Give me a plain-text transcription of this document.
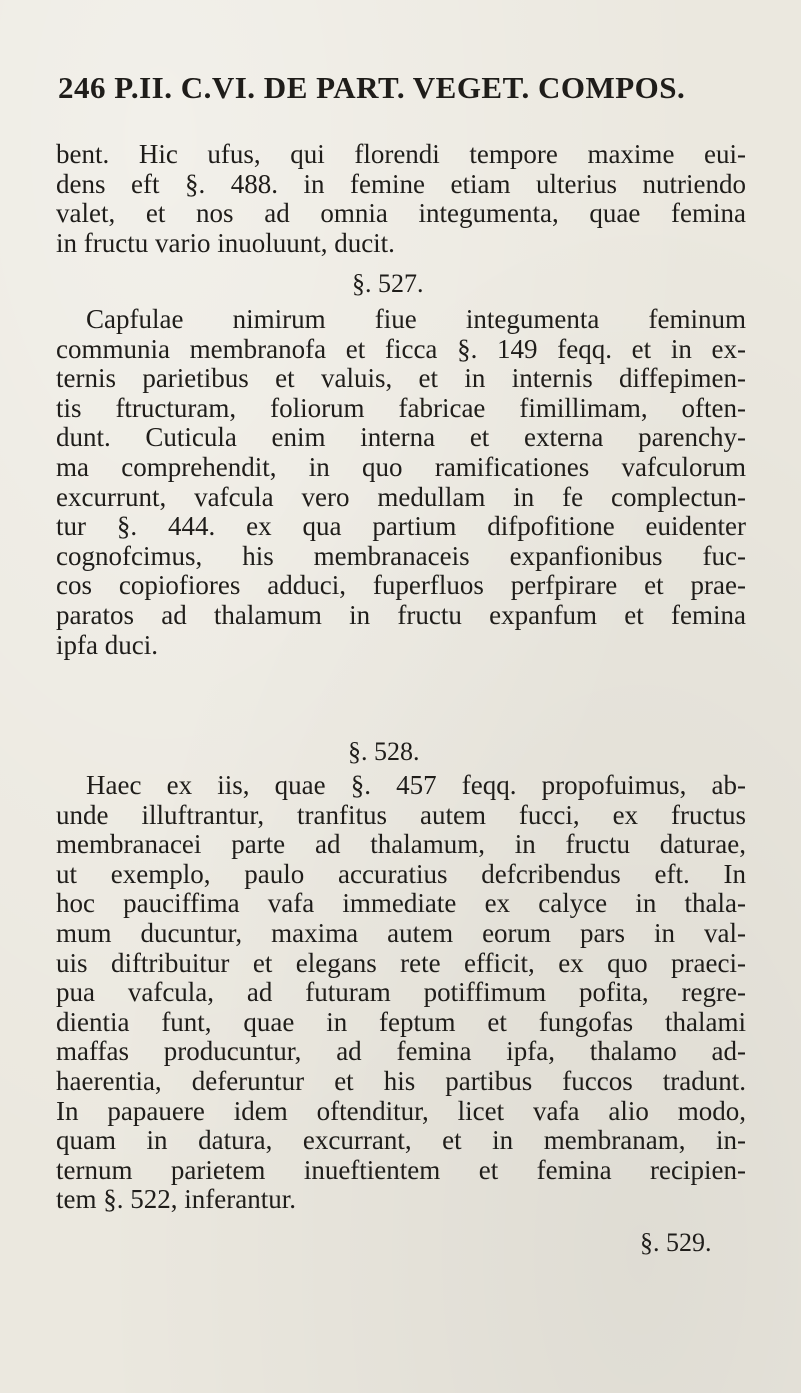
246 P.II. C.VI. DE PART. VEGET. COMPOS.
bent. Hic ufus, qui florendi tempore maxime eui-
dens eft §. 488. in femine etiam ulterius nutriendo
valet, et nos ad omnia integumenta, quae femina
in fructu vario inuoluunt, ducit.
§. 527.
Capfulae nimirum fiue integumenta feminum
communia membranofa et ficca §. 149 feqq. et in ex-
ternis parietibus et valuis, et in internis diffepimen-
tis ftructuram, foliorum fabricae fimillimam, often-
dunt. Cuticula enim interna et externa parenchy-
ma comprehendit, in quo ramificationes vafculorum
excurrunt, vafcula vero medullam in fe complectun-
tur §. 444. ex qua partium difpofitione euidenter
cognofcimus, his membranaceis expanfionibus fuc-
cos copiofiores adduci, fuperfluos perfpirare et prae-
paratos ad thalamum in fructu expanfum et femina
ipfa duci.
§. 528.
Haec ex iis, quae §. 457 feqq. propofuimus, ab-
unde illuftrantur, tranfitus autem fucci, ex fructus
membranacei parte ad thalamum, in fructu daturae,
ut exemplo, paulo accuratius defcribendus eft. In
hoc pauciffima vafa immediate ex calyce in thala-
mum ducuntur, maxima autem eorum pars in val-
uis diftribuitur et elegans rete efficit, ex quo praeci-
pua vafcula, ad futuram potiffimum pofita, regre-
dientia funt, quae in feptum et fungofas thalami
maffas producuntur, ad femina ipfa, thalamo ad-
haerentia, deferuntur et his partibus fuccos tradunt.
In papauere idem oftenditur, licet vafa alio modo,
quam in datura, excurrant, et in membranam, in-
ternum parietem inueftientem et femina recipien-
tem §. 522, inferantur.
§. 529.
